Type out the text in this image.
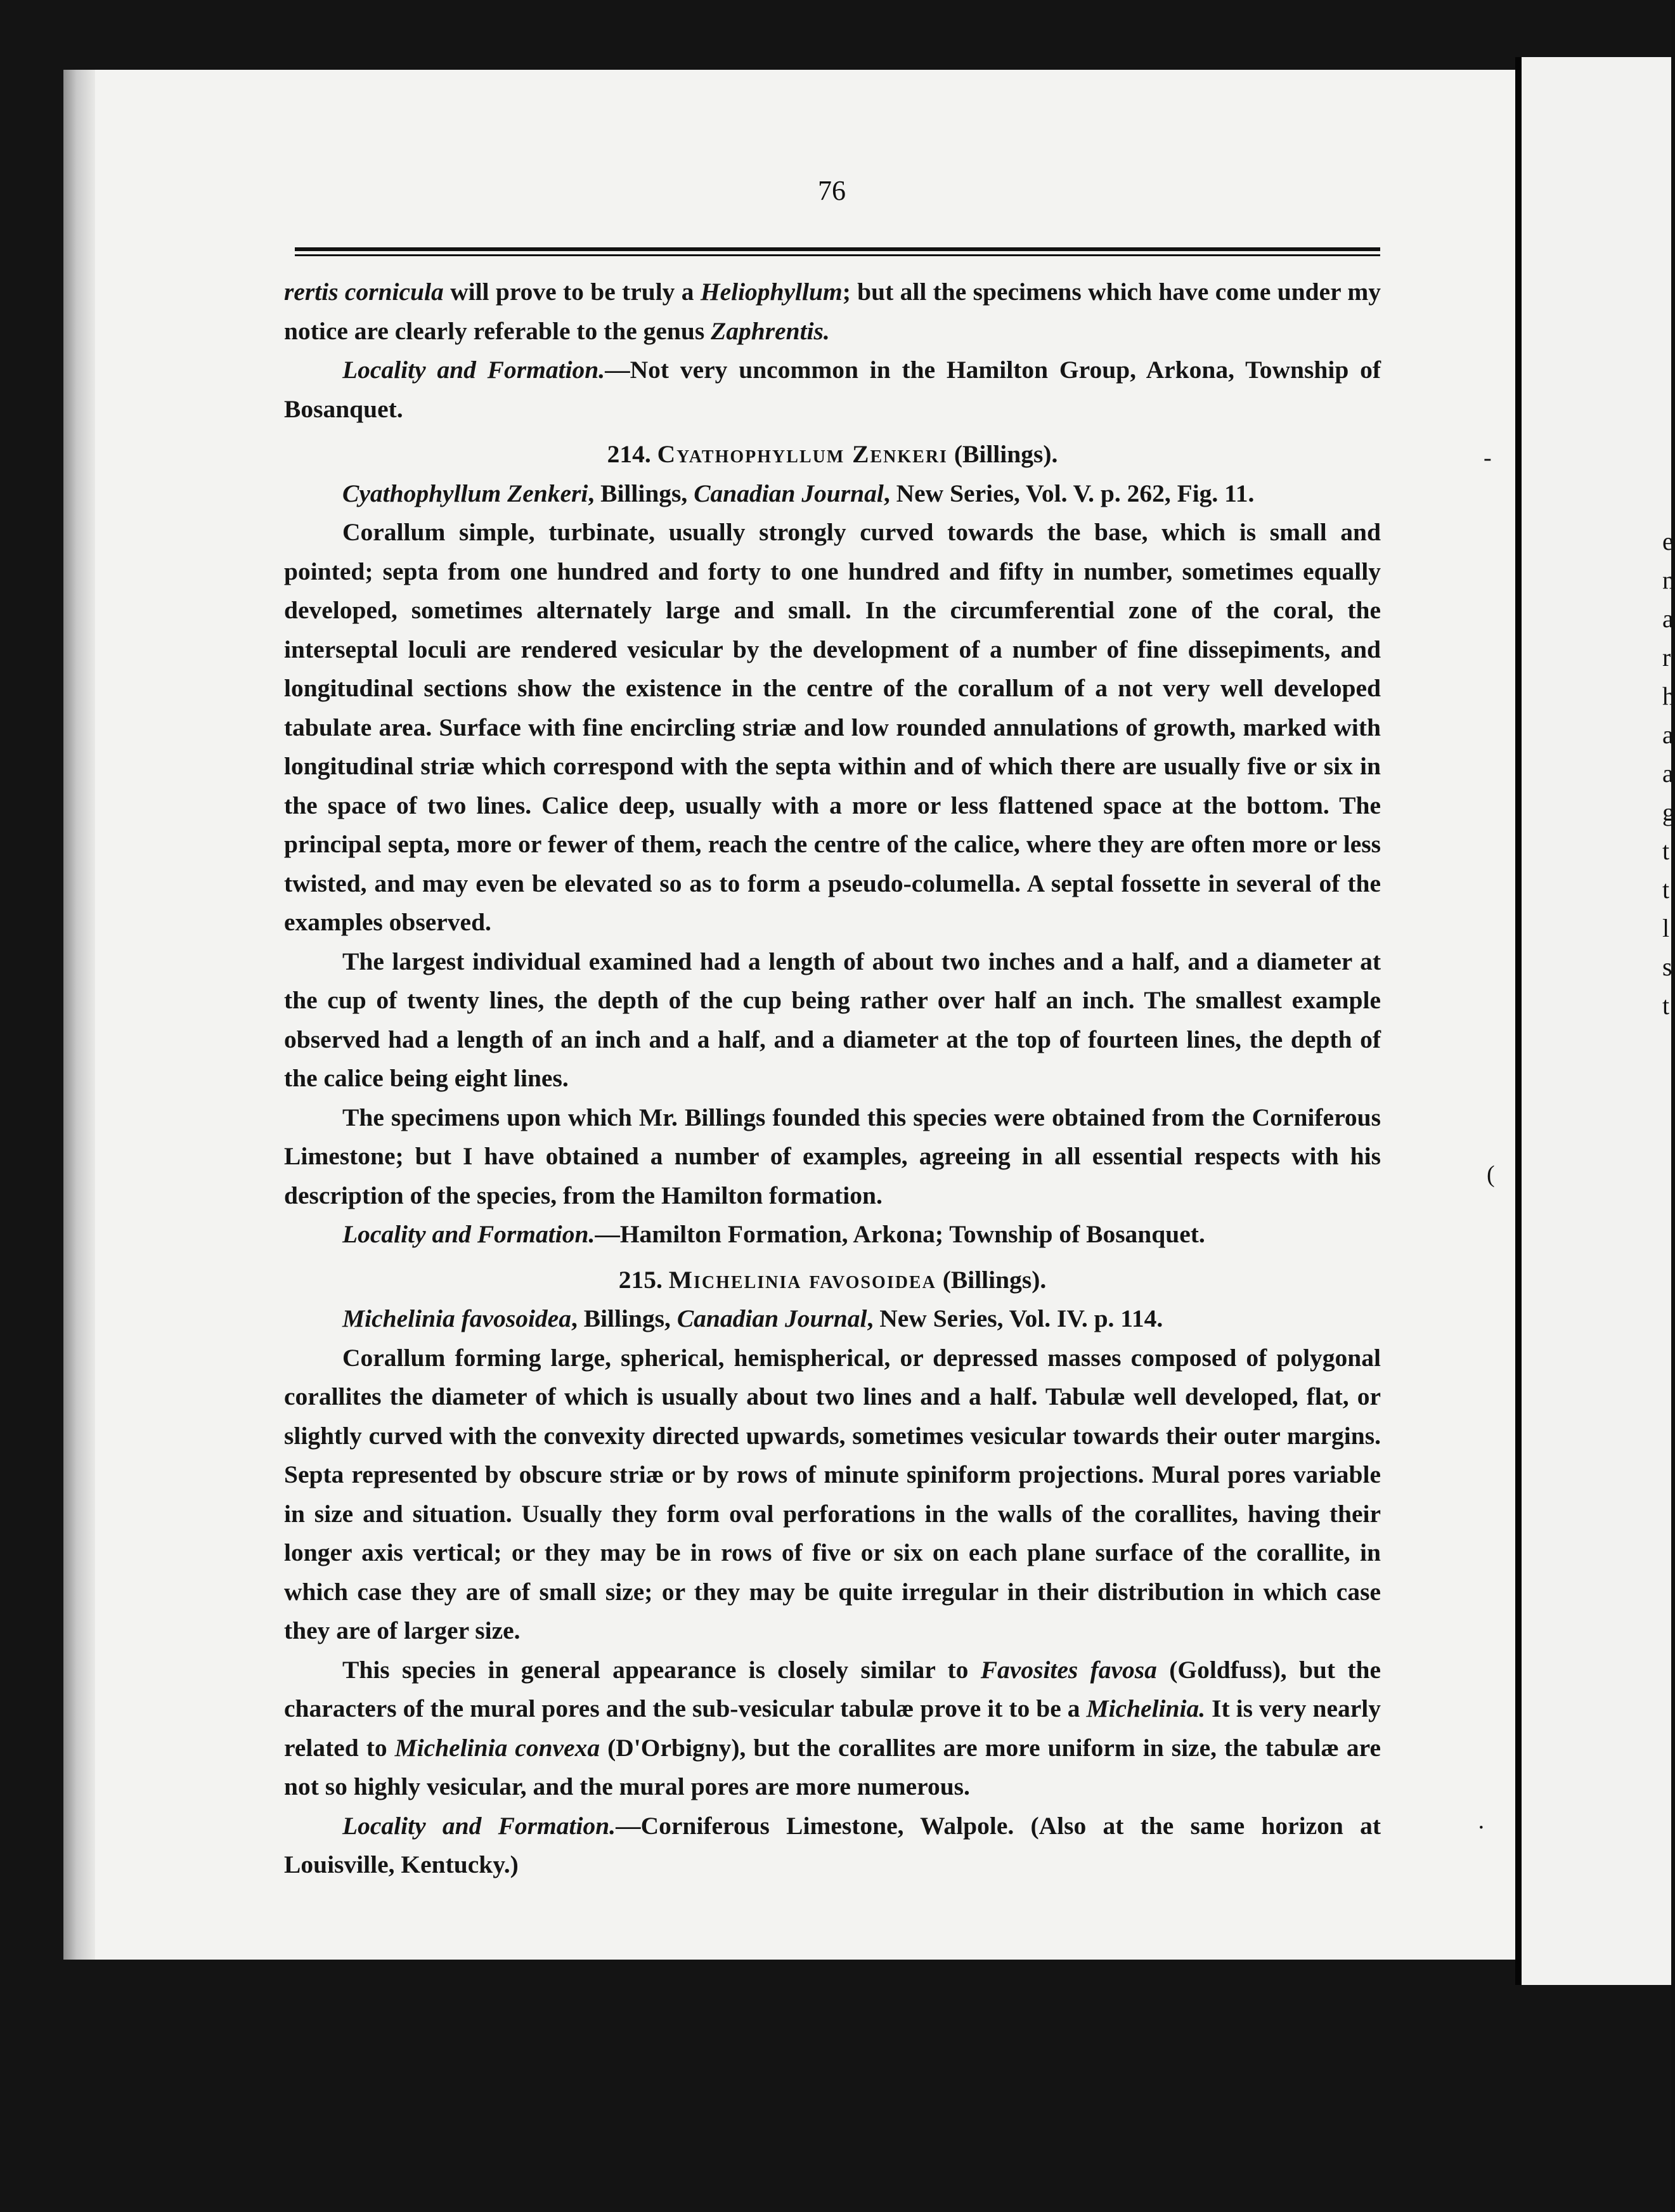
e
n
a
r
h
a
a
g
t
t
l
s
t
76

rertis cornicula will prove to be truly a Heliophyllum; but all the specimens which have come under my notice are clearly referable to the genus Zaphrentis.

Locality and Formation.—Not very uncommon in the Hamilton Group, Arkona, Township of Bosanquet.

214. Cyathophyllum Zenkeri (Billings).

Cyathophyllum Zenkeri, Billings, Canadian Journal, New Series, Vol. V. p. 262, Fig. 11.

Corallum simple, turbinate, usually strongly curved towards the base, which is small and pointed; septa from one hundred and forty to one hundred and fifty in number, sometimes equally developed, sometimes alternately large and small. In the circumferential zone of the coral, the interseptal loculi are rendered vesicular by the development of a number of fine dissepiments, and longitudinal sections show the existence in the centre of the corallum of a not very well developed tabulate area. Surface with fine encircling striæ and low rounded annulations of growth, marked with longitudinal striæ which correspond with the septa within and of which there are usually five or six in the space of two lines. Calice deep, usually with a more or less flattened space at the bottom. The principal septa, more or fewer of them, reach the centre of the calice, where they are often more or less twisted, and may even be elevated so as to form a pseudo-columella. A septal fossette in several of the examples observed.

The largest individual examined had a length of about two inches and a half, and a diameter at the cup of twenty lines, the depth of the cup being rather over half an inch. The smallest example observed had a length of an inch and a half, and a diameter at the top of fourteen lines, the depth of the calice being eight lines.

The specimens upon which Mr. Billings founded this species were obtained from the Corniferous Limestone; but I have obtained a number of examples, agreeing in all essential respects with his description of the species, from the Hamilton formation.

Locality and Formation.—Hamilton Formation, Arkona; Township of Bosanquet.

215. Michelinia favosoidea (Billings).

Michelinia favosoidea, Billings, Canadian Journal, New Series, Vol. IV. p. 114.

Corallum forming large, spherical, hemispherical, or depressed masses composed of polygonal corallites the diameter of which is usually about two lines and a half. Tabulæ well developed, flat, or slightly curved with the convexity directed upwards, sometimes vesicular towards their outer margins. Septa represented by obscure striæ or by rows of minute spiniform projections. Mural pores variable in size and situation. Usually they form oval perforations in the walls of the corallites, having their longer axis vertical; or they may be in rows of five or six on each plane surface of the corallite, in which case they are of small size; or they may be quite irregular in their distribution in which case they are of larger size.

This species in general appearance is closely similar to Favosites favosa (Goldfuss), but the characters of the mural pores and the sub-vesicular tabulæ prove it to be a Michelinia. It is very nearly related to Michelinia convexa (D'Orbigny), but the corallites are more uniform in size, the tabulæ are not so highly vesicular, and the mural pores are more numerous.

Locality and Formation.—Corniferous Limestone, Walpole. (Also at the same horizon at Louisville, Kentucky.)

-
(
·
